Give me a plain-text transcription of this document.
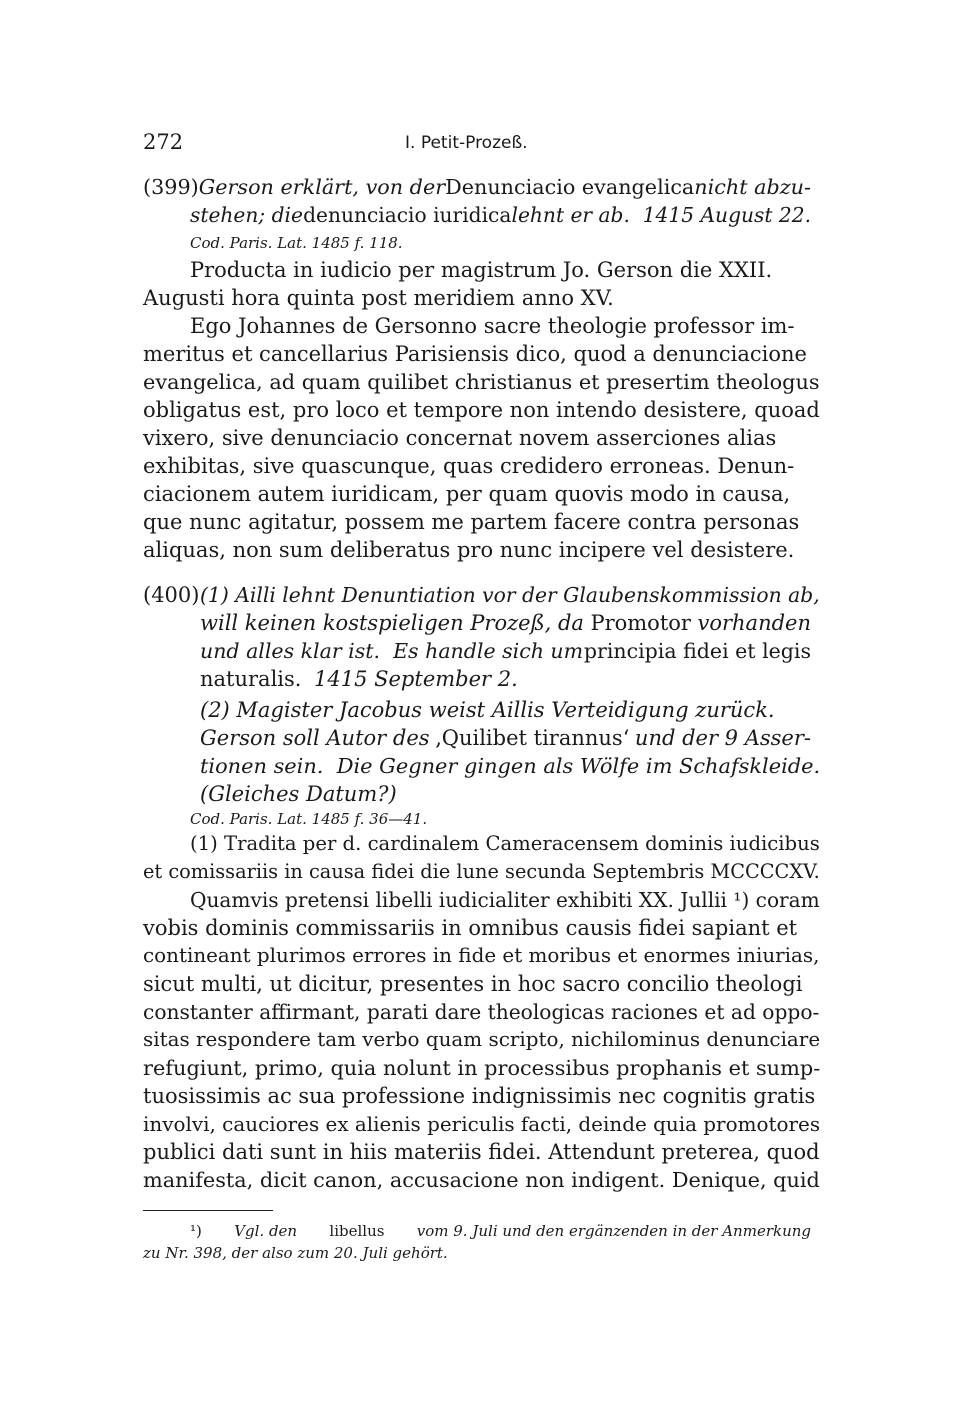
272	I. Petit-Prozeß.
(399) Gerson erklärt, von der Denunciacio evangelica nicht abzu-
stehen; die denunciacio iuridica lehnt er ab.  1415 August 22.
Cod. Paris. Lat. 1485 f. 118.
Producta in iudicio per magistrum Jo. Gerson die XXII.
Augusti hora quinta post meridiem anno XV.
Ego Johannes de Gersonno sacre theologie professor im-
meritus et cancellarius Parisiensis dico, quod a denunciacione
evangelica, ad quam quilibet christianus et presertim theologus
obligatus est, pro loco et tempore non intendo desistere, quoad
vixero, sive denunciacio concernat novem asserciones alias
exhibitas, sive quascunque, quas credidero erroneas. Denun-
ciacionem autem iuridicam, per quam quovis modo in causa,
que nunc agitatur, possem me partem facere contra personas
aliquas, non sum deliberatus pro nunc incipere vel desistere.
(400) (1) Ailli lehnt Denuntiation vor der Glaubenskommission ab,
will keinen kostspieligen Prozeß, da Promotor vorhanden
und alles klar ist.  Es handle sich um principia fidei et legis
naturalis. 1415 September 2.
(2) Magister Jacobus weist Aillis Verteidigung zurück.
Gerson soll Autor des ‚Quilibet tirannus‘ und der 9 Asser-
tionen sein.  Die Gegner gingen als Wölfe im Schafskleide.
(Gleiches Datum?)
Cod. Paris. Lat. 1485 f. 36—41.
(1) Tradita per d. cardinalem Cameracensem dominis iudicibus
et comissariis in causa fidei die lune secunda Septembris MCCCCXV.
Quamvis pretensi libelli iudicialiter exhibiti XX. Jullii ¹) coram
vobis dominis commissariis in omnibus causis fidei sapiant et
contineant plurimos errores in fide et moribus et enormes iniurias,
sicut multi, ut dicitur, presentes in hoc sacro concilio theologi
constanter affirmant, parati dare theologicas raciones et ad oppo-
sitas respondere tam verbo quam scripto, nichilominus denunciare
refugiunt, primo, quia nolunt in processibus prophanis et sump-
tuosissimis ac sua professione indignissimis nec cognitis gratis
involvi, cauciores ex alienis periculis facti, deinde quia promotores
publici dati sunt in hiis materiis fidei. Attendunt preterea, quod
manifesta, dicit canon, accusacione non indigent. Denique, quid
¹) Vgl. den libellus vom 9. Juli und den ergänzenden in der Anmerkung
zu Nr. 398, der also zum 20. Juli gehört.
